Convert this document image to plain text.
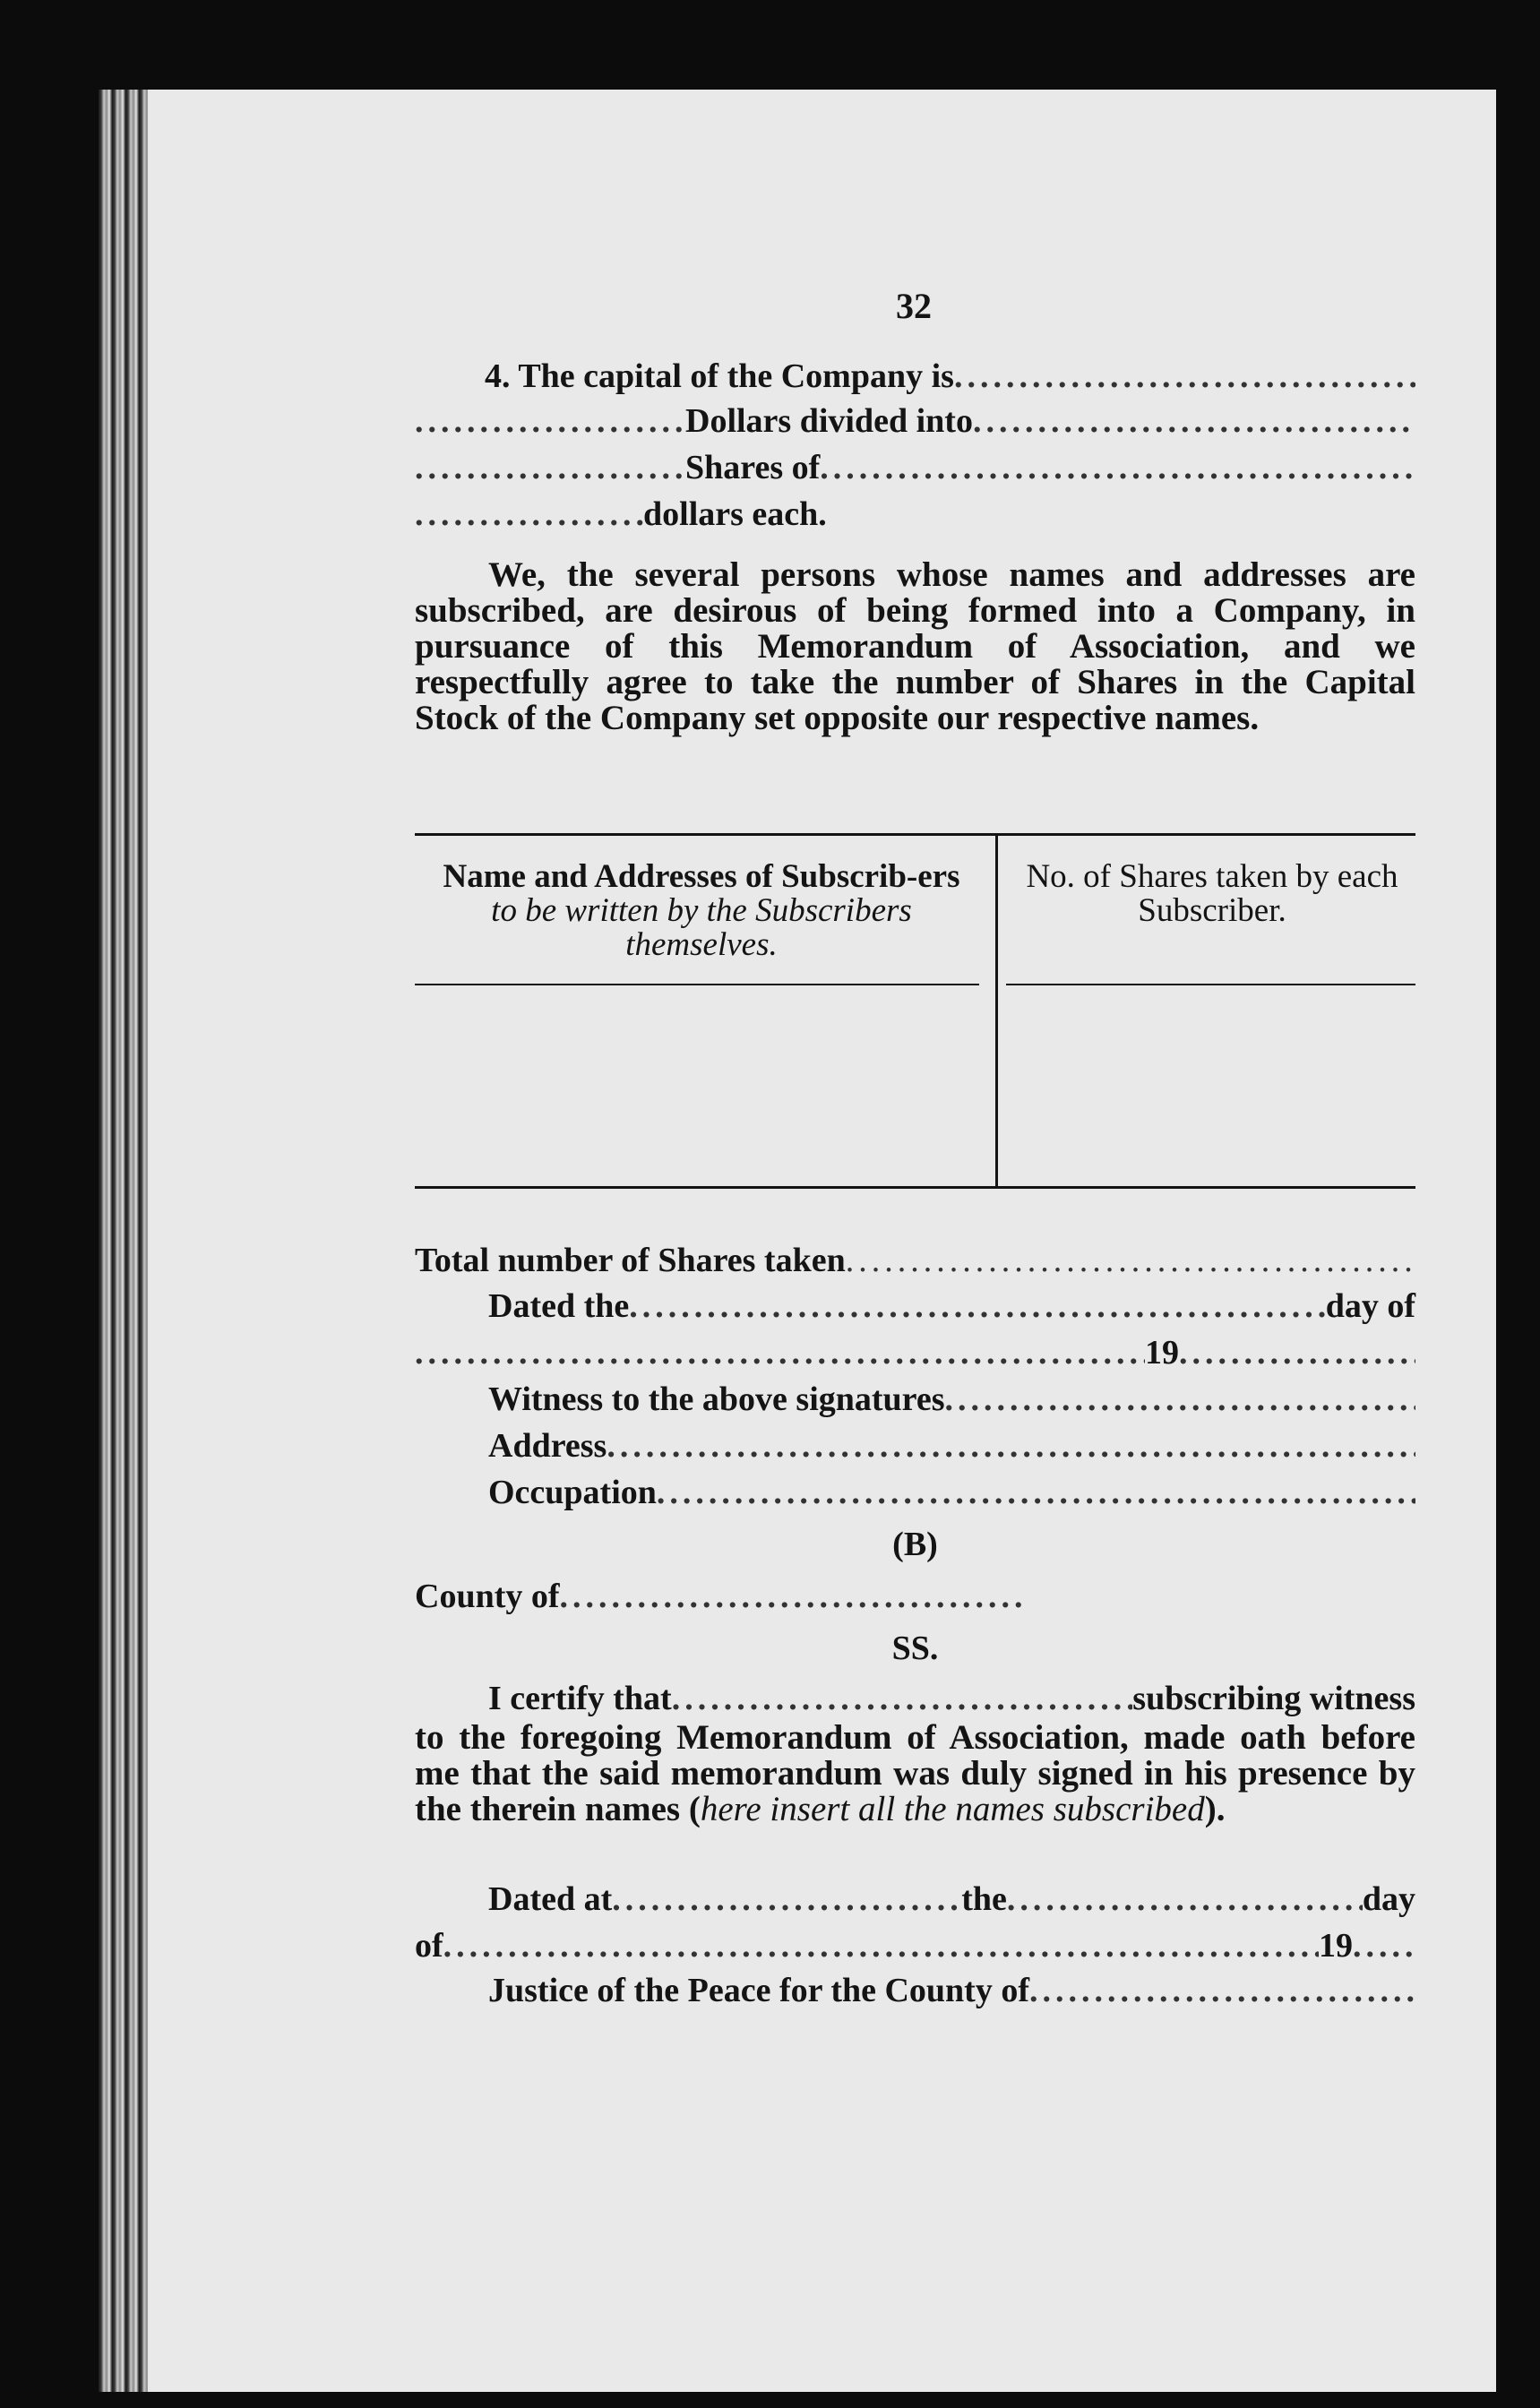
32
4. The capital of the Company is
.....
.....
Dollars divided into
.....
.....
Shares of
.....
.....
dollars each.
We, the several persons whose names and addresses are subscribed, are desirous of being formed into a Company, in pursuance of this Memorandum of Association, and we respectfully agree to take the number of Shares in the Capital Stock of the Company set opposite our respective names.
Name and Addresses of Subscrib-ers
to be written by the Subscribers themselves.
No. of Shares taken by each Subscriber.
Total number of Shares taken
.....
Dated the .....	day of
.....
19
.....
Witness to the above signatures
.....
Address
.....
Occupation
.....
(B)
County of
.....
SS.
I certify that .....	subscribing witness
to the foregoing Memorandum of Association, made oath before me that the said memorandum was duly signed in his presence by the therein names (here insert all the names subscribed).
Dated at .....	the .....	day
of .....	19
.....
Justice of the Peace for the County of
.....
